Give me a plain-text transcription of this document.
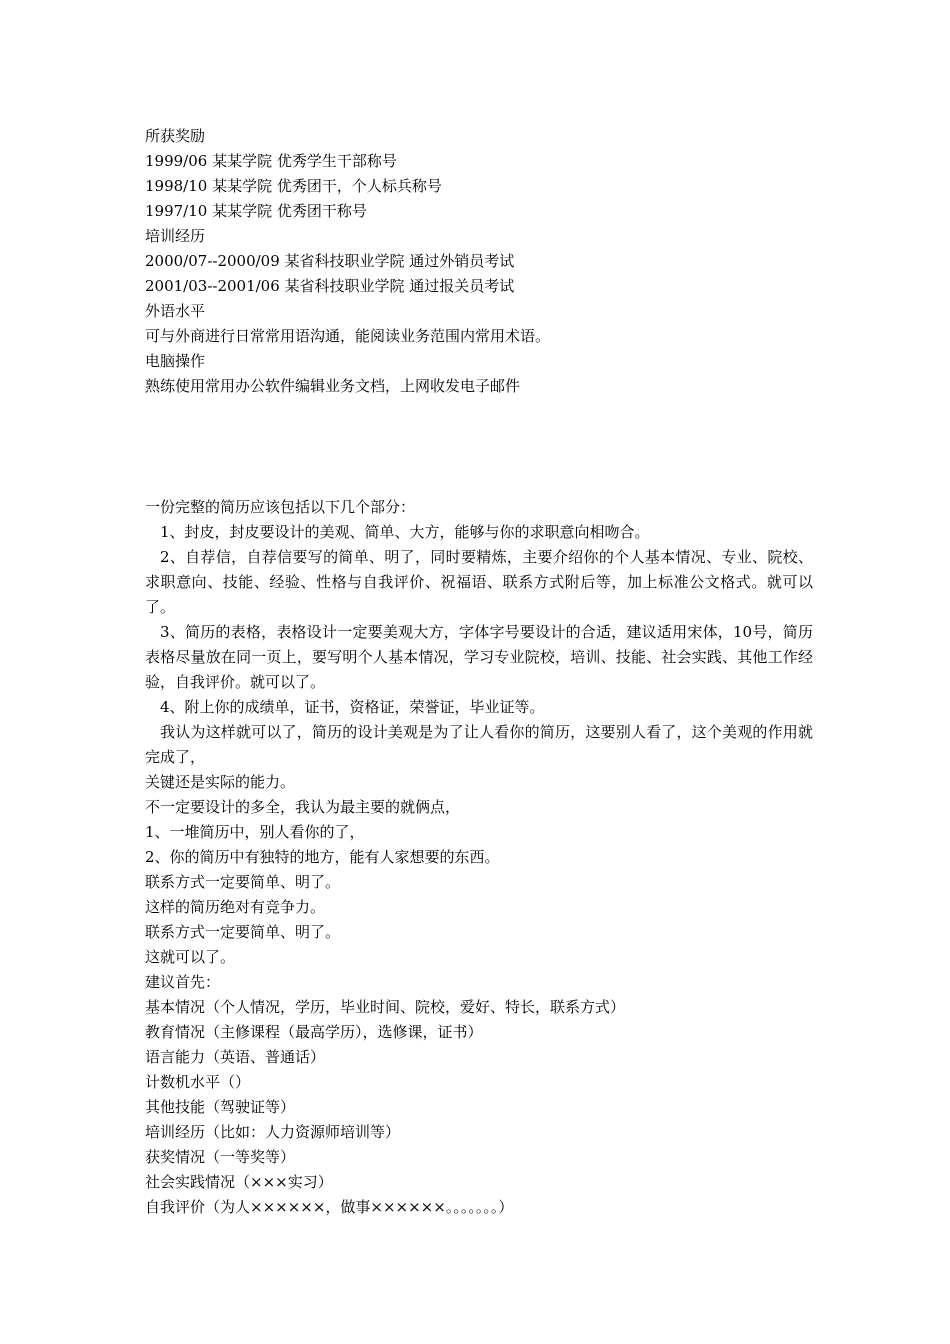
所获奖励
1999/06 某某学院 优秀学生干部称号
1998/10 某某学院 优秀团干，个人标兵称号
1997/10 某某学院 优秀团干称号
培训经历
2000/07--2000/09 某省科技职业学院 通过外销员考试
2001/03--2001/06 某省科技职业学院 通过报关员考试
外语水平
可与外商进行日常常用语沟通，能阅读业务范围内常用术语。
电脑操作
熟练使用常用办公软件编辑业务文档，上网收发电子邮件
一份完整的简历应该包括以下几个部分：
1、封皮，封皮要设计的美观、简单、大方，能够与你的求职意向相吻合。
2、自荐信，自荐信要写的简单、明了，同时要精炼，主要介绍你的个人基本情况、专业、院校、求职意向、技能、经验、性格与自我评价、祝福语、联系方式附后等，加上标准公文格式。就可以了。
3、简历的表格，表格设计一定要美观大方，字体字号要设计的合适，建议适用宋体，10号，简历表格尽量放在同一页上，要写明个人基本情况，学习专业院校，培训、技能、社会实践、其他工作经验，自我评价。就可以了。
4、附上你的成绩单，证书，资格证，荣誉证，毕业证等。
我认为这样就可以了，简历的设计美观是为了让人看你的简历，这要别人看了，这个美观的作用就完成了，
关键还是实际的能力。
不一定要设计的多全，我认为最主要的就俩点，
1、一堆简历中，别人看你的了，
2、你的简历中有独特的地方，能有人家想要的东西。
联系方式一定要简单、明了。
这样的简历绝对有竞争力。
联系方式一定要简单、明了。
这就可以了。
建议首先：
基本情况（个人情况，学历，毕业时间、院校，爱好、特长，联系方式）
教育情况（主修课程（最高学历），选修课，证书）
语言能力（英语、普通话）
计数机水平（）
其他技能（驾驶证等）
培训经历（比如：人力资源师培训等）
获奖情况（一等奖等）
社会实践情况（×××实习）
自我评价（为人××××××，做事××××××。。。。。。。）
